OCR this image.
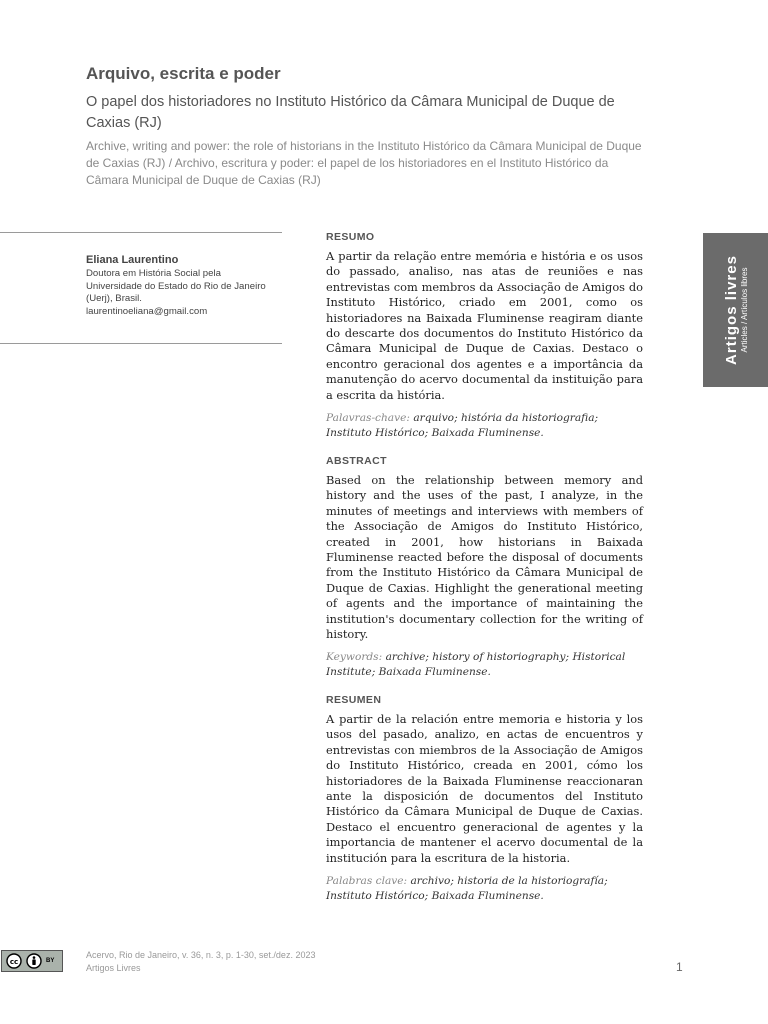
Arquivo, escrita e poder

O papel dos historiadores no Instituto Histórico da Câmara Municipal de Duque de Caxias (RJ)

Archive, writing and power: the role of historians in the Instituto Histórico da Câmara Municipal de Duque de Caxias (RJ) / Archivo, escritura y poder: el papel de los historiadores en el Instituto Histórico da Câmara Municipal de Duque de Caxias (RJ)

Eliana Laurentino

Doutora em História Social pela Universidade do Estado do Rio de Janeiro (Uerj), Brasil.

laurentinoeliana@gmail.com

RESUMO

A partir da relação entre memória e história e os usos do passado, analiso, nas atas de reuniões e nas entrevistas com membros da Associação de Amigos do Instituto Histórico, criado em 2001, como os historiadores na Baixada Fluminense reagiram diante do descarte dos documentos do Instituto Histórico da Câmara Municipal de Duque de Caxias. Destaco o encontro geracional dos agentes e a importância da manutenção do acervo documental da instituição para a escrita da história.

Palavras-chave: arquivo; história da historiografia; Instituto Histórico; Baixada Fluminense.

ABSTRACT

Based on the relationship between memory and history and the uses of the past, I analyze, in the minutes of meetings and interviews with members of the Associação de Amigos do Instituto Histórico, created in 2001, how historians in Baixada Fluminense reacted before the disposal of documents from the Instituto Histórico da Câmara Municipal de Duque de Caxias. Highlight the generational meeting of agents and the importance of maintaining the institution's documentary collection for the writing of history.

Keywords: archive; history of historiography; Historical Institute; Baixada Fluminense.

RESUMEN

A partir de la relación entre memoria e historia y los usos del pasado, analizo, en actas de encuentros y entrevistas con miembros de la Associação de Amigos do Instituto Histórico, creada en 2001, cómo los historiadores de la Baixada Fluminense reaccionaran ante la disposición de documentos del Instituto Histórico da Câmara Municipal de Duque de Caxias. Destaco el encuentro generacional de agentes y la importancia de mantener el acervo documental de la institución para la escritura de la historia.

Palabras clave: archivo; historia de la historiografía; Instituto Histórico; Baixada Fluminense.

Artigos livres Articles / Artículos libres
cc	BY

Acervo, Rio de Janeiro, v. 36, n. 3, p. 1-30, set./dez. 2023

Artigos Livres	1
